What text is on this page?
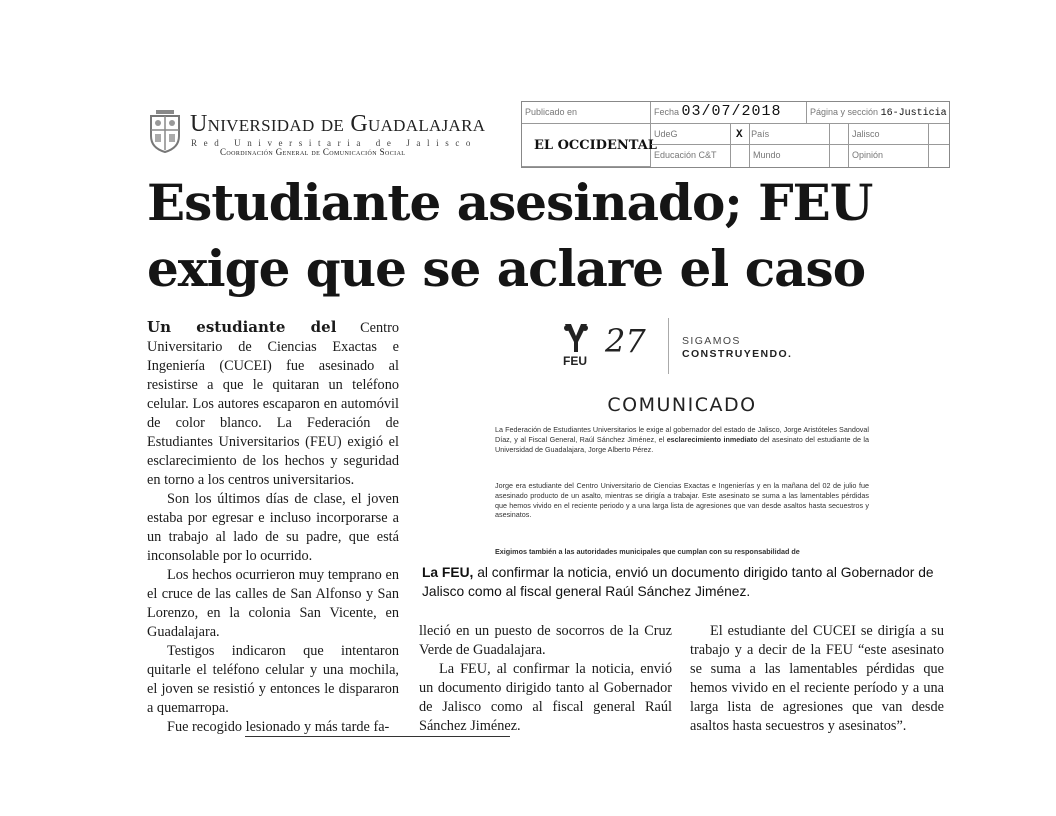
Universidad de Guadalajara
Red Universitaria de Jalisco
Coordinación General de Comunicación Social
Publicado en
EL OCCIDENTAL
Fecha 03/07/2018	Página y sección 16-Justicia
UdeG	X País	Jalisco
Educación C&T	Mundo	Opinión
Estudiante asesinado; FEU exige que se aclare el caso

Un estudiante del Centro Universitario de Ciencias Exactas e Ingeniería (CUCEI) fue asesinado al resistirse a que le quitaran un teléfono celular. Los autores escaparon en automóvil de color blanco. La Federación de Estudiantes Universitarios (FEU) exigió el esclarecimiento de los hechos y seguridad en torno a los centros universitarios.

Son los últimos días de clase, el joven estaba por egresar e incluso incorporarse a un trabajo al lado de su padre, que está inconsolable por lo ocurrido.

Los hechos ocurrieron muy temprano en el cruce de las calles de San Alfonso y San Lorenzo, en la colonia San Vicente, en Guadalajara.

Testigos indicaron que intentaron quitarle el teléfono celular y una mochila, el joven se resistió y entonces le dispararon a quemarropa.

Fue recogido lesionado y más tarde fa-

lleció en un puesto de socorros de la Cruz Verde de Guadalajara.

La FEU, al confirmar la noticia, envió un documento dirigido tanto al Gobernador de Jalisco como al fiscal general Raúl Sánchez Jiménez.

El estudiante del CUCEI se dirigía a su trabajo y a decir de la FEU “este asesinato se suma a las lamentables pérdidas que hemos vivido en el reciente período y a una larga lista de agresiones que van desde asaltos hasta secuestros y asesinatos”.

FEU
27	SIGAMOS
CONSTRUYENDO.
COMUNICADO
La Federación de Estudiantes Universitarios le exige al gobernador del estado de Jalisco, Jorge Aristóteles Sandoval Díaz, y al Fiscal General, Raúl Sánchez Jiménez, el esclarecimiento inmediato del asesinato del estudiante de la Universidad de Guadalajara, Jorge Alberto Pérez.
Jorge era estudiante del Centro Universitario de Ciencias Exactas e Ingenierías y en la mañana del 02 de julio fue asesinado producto de un asalto, mientras se dirigía a trabajar. Este asesinato se suma a las lamentables pérdidas que hemos vivido en el reciente periodo y a una larga lista de agresiones que van desde asaltos hasta secuestros y asesinatos.
Exigimos también a las autoridades municipales que cumplan con su responsabilidad de
La FEU, al confirmar la noticia, envió un documento dirigido tanto al Gobernador de Jalisco como al fiscal general Raúl Sánchez Jiménez.
